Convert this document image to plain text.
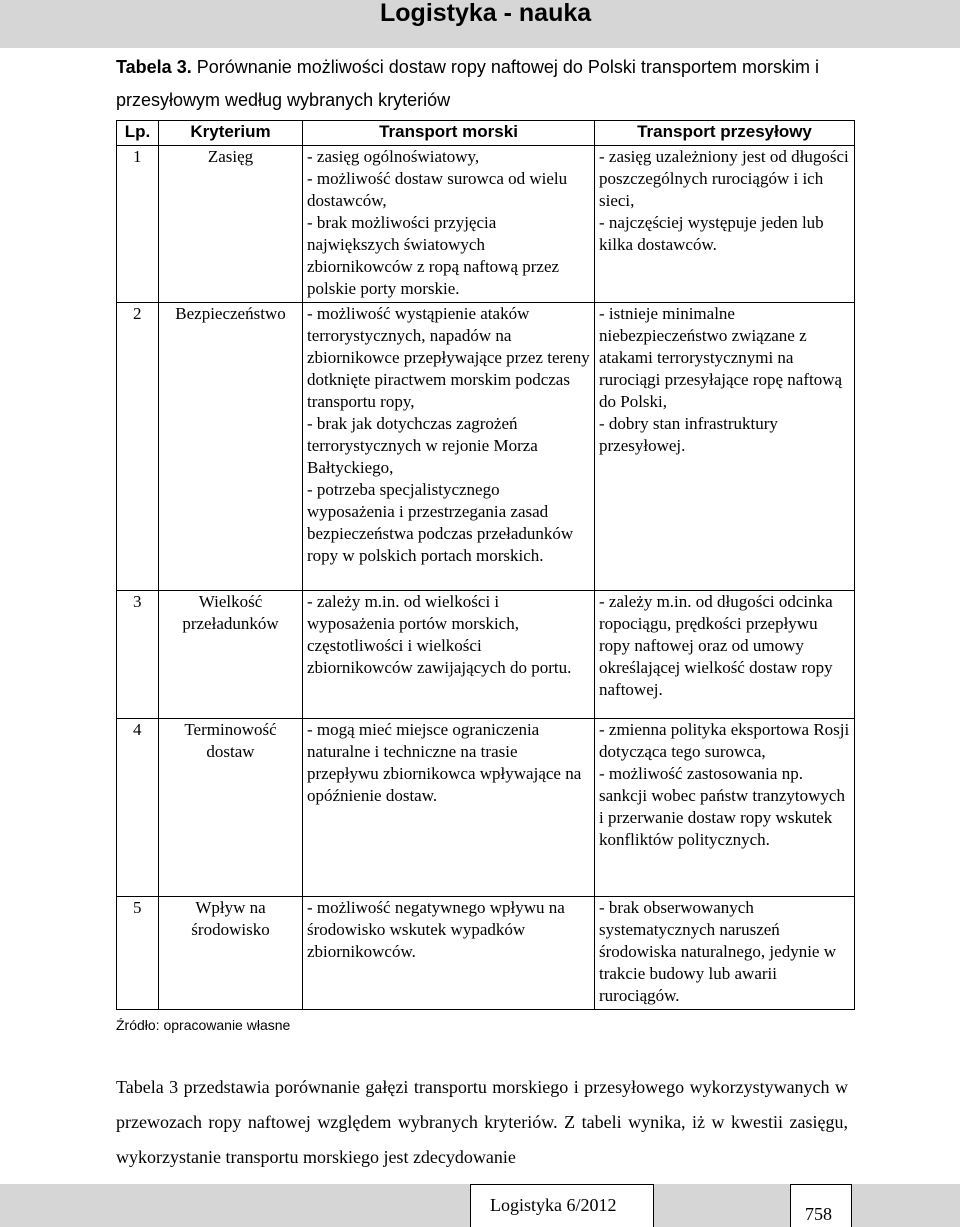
Logistyka - nauka
Tabela 3. Porównanie możliwości dostaw ropy naftowej do Polski transportem morskim i przesyłowym według wybranych kryteriów
Lp.	Kryterium	Transport morski	Transport przesyłowy
1	Zasięg	- zasięg ogólnoświatowy,
- możliwość dostaw surowca od wielu dostawców,
- brak możliwości przyjęcia największych światowych zbiornikowców z ropą naftową przez polskie porty morskie.	- zasięg uzależniony jest od długości poszczególnych rurociągów i ich sieci,
- najczęściej występuje jeden lub kilka dostawców.

2	Bezpieczeństwo	- możliwość wystąpienie ataków terrorystycznych, napadów na zbiornikowce przepływające przez tereny dotknięte piractwem morskim podczas transportu ropy,
- brak jak dotychczas zagrożeń terrorystycznych w rejonie Morza Bałtyckiego,
- potrzeba specjalistycznego wyposażenia i przestrzegania zasad bezpieczeństwa podczas przeładunków ropy w polskich portach morskich.	- istnieje minimalne niebezpieczeństwo związane z atakami terrorystycznymi na rurociągi przesyłające ropę naftową do Polski,
- dobry stan infrastruktury przesyłowej.

3	Wielkość przeładunków	- zależy m.in. od wielkości i wyposażenia portów morskich, częstotliwości i wielkości zbiornikowców zawijających do portu.	- zależy m.in. od długości odcinka ropociągu, prędkości przepływu ropy naftowej oraz od umowy określającej wielkość dostaw ropy naftowej.

4	Terminowość dostaw	- mogą mieć miejsce ograniczenia naturalne i techniczne na trasie przepływu zbiornikowca wpływające na opóźnienie dostaw.	- zmienna polityka eksportowa Rosji dotycząca tego surowca,
- możliwość zastosowania np. sankcji wobec państw tranzytowych i przerwanie dostaw ropy wskutek konfliktów politycznych.

5	Wpływ na środowisko	- możliwość negatywnego wpływu na środowisko wskutek wypadków zbiornikowców.	- brak obserwowanych systematycznych naruszeń środowiska naturalnego, jedynie w trakcie budowy lub awarii rurociągów.
Źródło: opracowanie własne
Tabela 3 przedstawia porównanie gałęzi transportu morskiego i przesyłowego wykorzystywanych w przewozach ropy naftowej względem wybranych kryteriów. Z tabeli wynika, iż w kwestii zasięgu, wykorzystanie transportu morskiego jest zdecydowanie
Logistyka 6/2012	758
